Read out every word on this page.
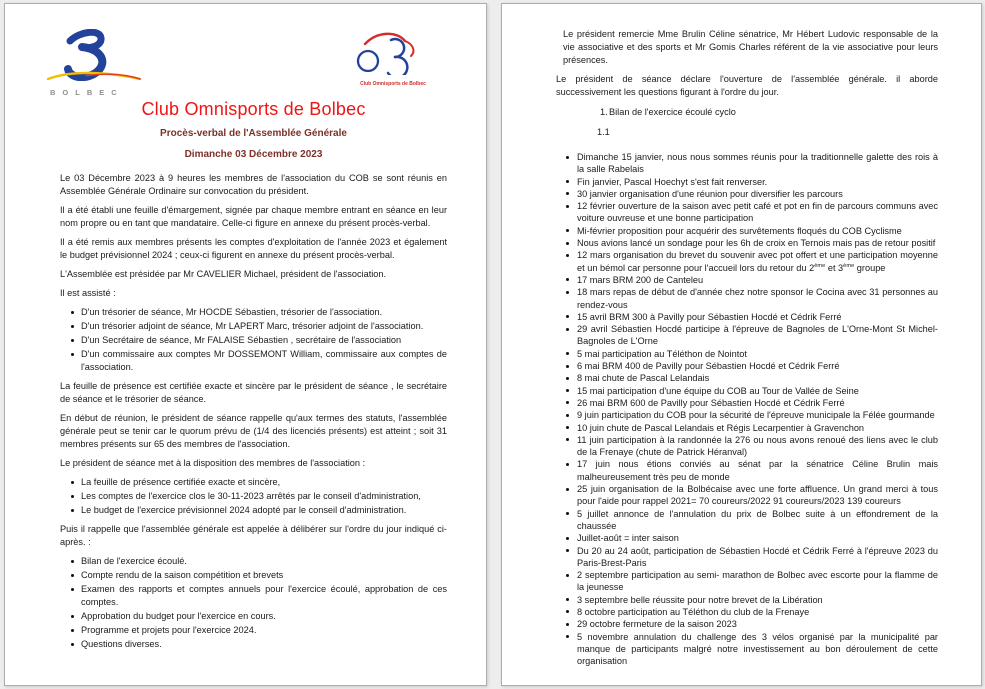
BOLBEC
Club Omnisports de Bolbec
Club Omnisports de Bolbec
Procès-verbal de l'Assemblée Générale
Dimanche 03 Décembre 2023

Le 03 Décembre 2023 à 9 heures les membres de l'association du COB se sont réunis en Assemblée Générale Ordinaire sur convocation du président.

Il a été établi une feuille d'émargement, signée par chaque membre entrant en séance en leur nom propre ou en tant que mandataire. Celle-ci figure en annexe du présent procès-verbal.

Il a été remis aux membres présents les comptes d'exploitation de l'année 2023 et également le budget prévisionnel 2024 ; ceux-ci figurent en annexe du présent procès-verbal.

L'Assemblée est présidée par Mr CAVELIER Michael, président de l'association.

Il est assisté :

D'un trésorier de séance, Mr HOCDE Sébastien, trésorier de l'association.
D'un trésorier adjoint de séance, Mr LAPERT Marc, trésorier adjoint de l'association.
D'un Secrétaire de séance, Mr FALAISE Sébastien , secrétaire de l'association
D'un commissaire aux comptes Mr DOSSEMONT William, commissaire aux comptes de l'association.

La feuille de présence est certifiée exacte et sincère par le président de séance , le secrétaire de séance et le trésorier de séance.

En début de réunion, le président de séance rappelle qu'aux termes des statuts, l'assemblée générale peut se tenir car le quorum prévu de (1/4 des licenciés présents) est atteint ; soit 31 membres présents sur 65 des membres de l'association.

Le président de séance met à la disposition des membres de l'association :

La feuille de présence certifiée exacte et sincère,
Les comptes de l'exercice clos le 30-11-2023 arrêtés par le conseil d'administration,
Le budget de l'exercice prévisionnel 2024 adopté par le conseil d'administration.

Puis il rappelle que l'assemblée générale est appelée à délibérer sur l'ordre du jour indiqué ci-après. :

Bilan de l'exercice écoulé.
Compte rendu de la saison compétition et brevets
Examen des rapports et comptes annuels pour l'exercice écoulé, approbation de ces comptes.
Approbation du budget pour l'exercice en cours.
Programme et projets pour l'exercice 2024.
Questions diverses.

Le président remercie Mme Brulin Céline sénatrice, Mr Hébert Ludovic responsable de la vie associative et des sports et Mr Gomis Charles référent de la vie associative pour leurs présences.

Le président de séance déclare l'ouverture de l'assemblée générale. il aborde successivement les questions figurant à l'ordre du jour.

1. Bilan de l'exercice écoulé cyclo

1.1

Dimanche 15 janvier, nous nous sommes réunis pour la traditionnelle galette des rois à la salle Rabelais
Fin janvier, Pascal Hoechyt s'est fait renverser.
30 janvier organisation d'une réunion pour diversifier les parcours
12 février ouverture de la saison avec petit café et pot en fin de parcours communs avec voiture ouvreuse et une bonne participation
Mi-février proposition pour acquérir des survêtements floqués du COB Cyclisme
Nous avions lancé un sondage pour les 6h de croix en Ternois mais pas de retour positif
12 mars organisation du brevet du souvenir avec pot offert et une participation moyenne et un bémol car personne pour l'accueil lors du retour du 2ème et 3ème groupe
17 mars BRM 200 de Canteleu
18 mars repas de début de d'année chez notre sponsor le Cocina avec 31 personnes au rendez-vous
15 avril BRM 300 à Pavilly pour Sébastien Hocdé et Cédrik Ferré
29 avril Sébastien Hocdé participe à l'épreuve de Bagnoles de L'Orne-Mont St Michel-Bagnoles de L'Orne
5 mai participation au Téléthon de Nointot
6 mai BRM 400 de Pavilly pour Sébastien Hocdé et Cédrik Ferré
8 mai chute de Pascal Lelandais
15 mai participation d'une équipe du COB au Tour de Vallée de Seine
26 mai BRM 600 de Pavilly pour Sébastien Hocdé et Cédrik Ferré
9 juin participation du COB pour la sécurité de l'épreuve municipale la Félée gourmande
10 juin chute de Pascal Lelandais et Régis Lecarpentier à Gravenchon
11 juin participation à la randonnée la 276 ou nous avons renoué des liens avec le club de la Frenaye (chute de Patrick Héranval)
17 juin nous étions conviés au sénat par la sénatrice Céline Brulin mais malheureusement très peu de monde
25 juin organisation de la Bolbécaise avec une forte affluence. Un grand merci à tous pour l'aide pour rappel 2021= 70 coureurs/2022 91 coureurs/2023 139 coureurs
5 juillet annonce de l'annulation du prix de Bolbec suite à un effondrement de la chaussée
Juillet-août = inter saison
Du 20 au 24 août, participation de Sébastien Hocdé et Cédrik Ferré à l'épreuve 2023 du Paris-Brest-Paris
2 septembre participation au semi- marathon de Bolbec avec escorte pour la flamme de la jeunesse
3 septembre belle réussite pour notre brevet de la Libération
8 octobre participation au Téléthon du club de la Frenaye
29 octobre fermeture de la saison 2023
5 novembre annulation du challenge des 3 vélos organisé par la municipalité par manque de participants malgré notre investissement au bon déroulement de cette organisation
